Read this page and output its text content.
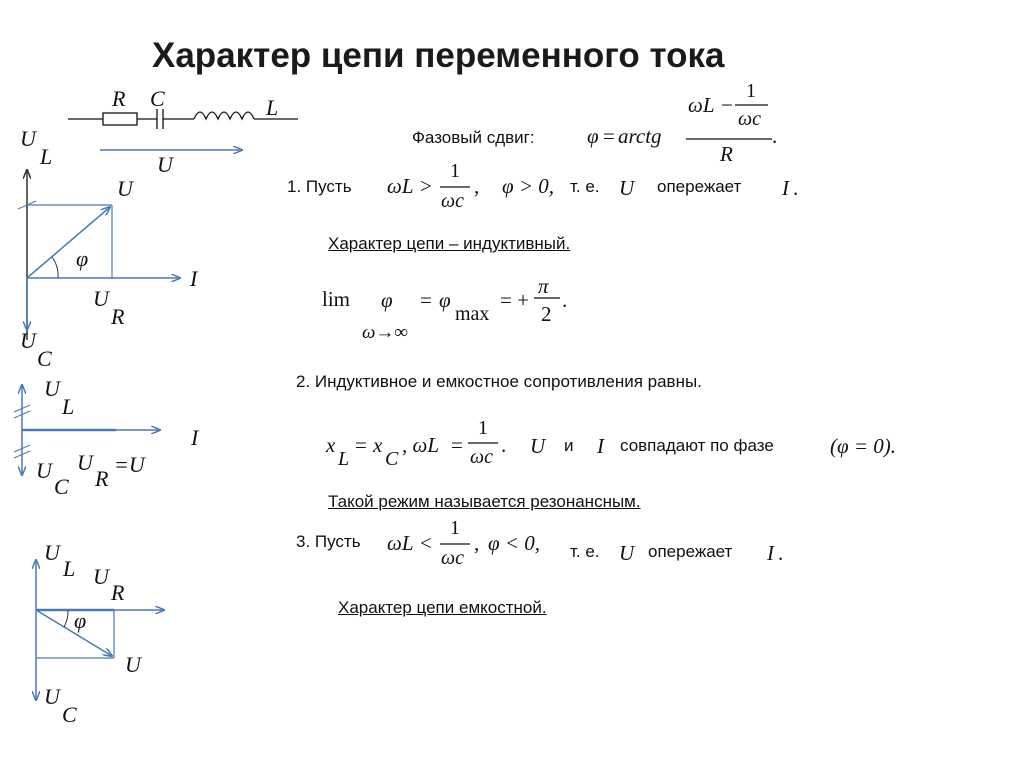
Характер цепи переменного тока
R C	L
U
U
L
U
φ
I
U
R
U
C
U
L
I
U
C
U
R
=U
U
L U
R
φ
U
U
C
Фазовый сдвиг: φ = arctg
ωL −
1
ωc
R
.
1. Пусть ωL >
1
ωc
, φ > 0, т. е. U опережает I .
Характер цепи – индуктивный.
lim
ω→∞
φ = φ
max
= +
π
2
.
2. Индуктивное и емкостное сопротивления равны.
x
L
= x
C
, ωL =
1
ωc . U и I совпадают по фазе	(φ = 0).
Такой режим называется резонансным.
3. Пусть ωL <
1
ωc
, φ < 0, т. е. U опережает I .
Характер цепи емкостной.
